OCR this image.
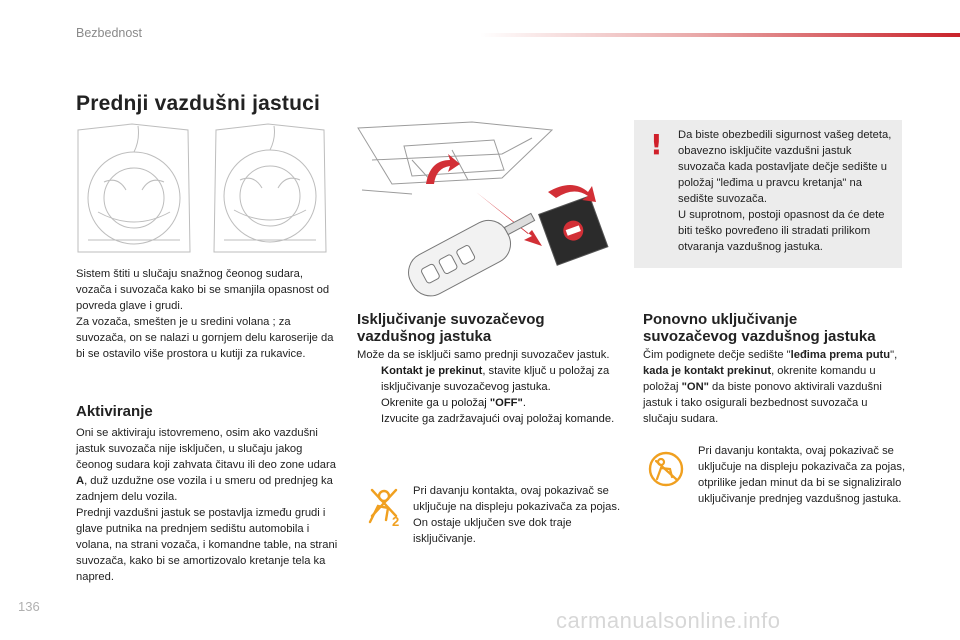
Bezbednost
Prednji vazdušni jastuci
! Da biste obezbedili sigurnost vašeg deteta, obavezno isključite vazdušni jastuk suvozača kada postavljate dečje sedište u položaj "leđima u pravcu kretanja" na sedište suvozača.

U suprotnom, postoji opasnost da će dete biti teško povređeno ili stradati prilikom otvaranja vazdušnog jastuka.

Sistem štiti u slučaju snažnog čeonog sudara, vozača i suvozača kako bi se smanjila opasnost od povreda glave i grudi.

Za vozača, smešten je u sredini volana ; za suvozača, on se nalazi u gornjem delu karoserije da bi se ostavilo više prostora u kutiji za rukavice.

Aktiviranje

Oni se aktiviraju istovremeno, osim ako vazdušni jastuk suvozača nije isključen, u slučaju jakog čeonog sudara koji zahvata čitavu ili deo zone udara A, duž uzdužne ose vozila i u smeru od prednjeg ka zadnjem delu vozila.

Prednji vazdušni jastuk se postavlja između grudi i glave putnika na prednjem sedištu automobila i volana, na strani vozača, i komandne table, na strani suvozača, kako bi se amortizovalo kretanje tela ka napred.

Isključivanje suvozačevog
vazdušnog jastuka

Može da se isključi samo prednji suvozačev jastuk.

Kontakt je prekinut, stavite ključ u položaj za isključivanje suvozačevog jastuka.
Okrenite ga u položaj "OFF".
Izvucite ga zadržavajući ovaj položaj komande.
2

Pri davanju kontakta, ovaj pokazivač se uključuje na displeju pokazivača za pojas. On ostaje uključen sve dok traje isključivanje.

Ponovno uključivanje
suvozačevog vazdušnog jastuka

Čim podignete dečje sedište "leđima prema putu", kada je kontakt prekinut, okrenite komandu u položaj "ON" da biste ponovo aktivirali vazdušni jastuk i tako osigurali bezbednost suvozača u slučaju sudara.

Pri davanju kontakta, ovaj pokazivač se uključuje na displeju pokazivača za pojas, otprilike jedan minut da bi se signaliziralo uključivanje prednjeg vazdušnog jastuka.

136
carmanualsonline.info
